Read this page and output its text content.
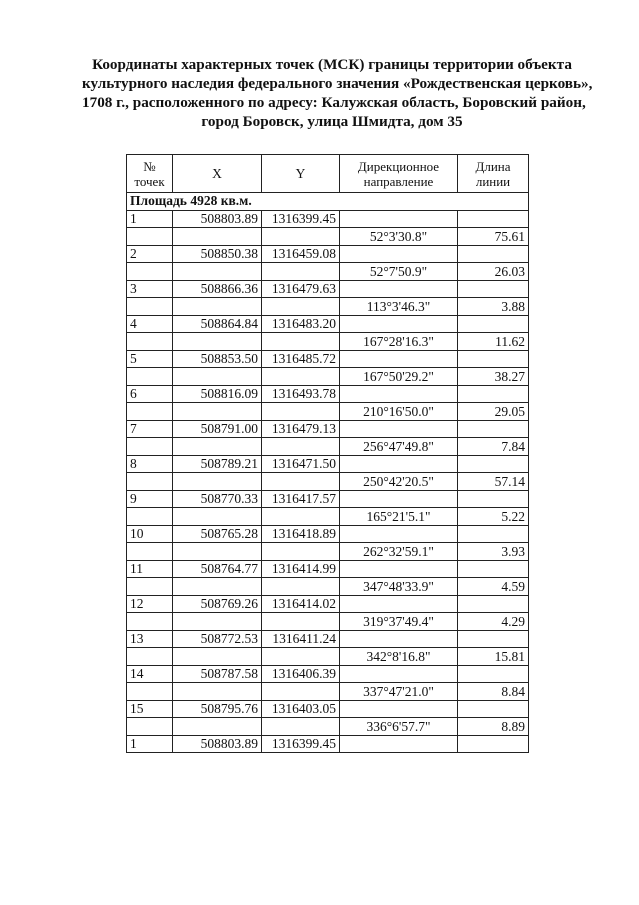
Координаты характерных точек (МСК) границы территории объекта
культурного наследия федерального значения «Рождественская церковь»,
1708 г., расположенного по адресу: Калужская область, Боровский район,
город Боровск, улица Шмидта, дом 35
№ точек	X	Y	Дирекционное направление	Длина линии
Площадь 4928 кв.м.				
1	508803.89	1316399.45		
			52°3'30.8"	75.61
2	508850.38	1316459.08		
			52°7'50.9"	26.03
3	508866.36	1316479.63		
			113°3'46.3"	3.88
4	508864.84	1316483.20		
			167°28'16.3"	11.62
5	508853.50	1316485.72		
			167°50'29.2"	38.27
6	508816.09	1316493.78		
			210°16'50.0"	29.05
7	508791.00	1316479.13		
			256°47'49.8"	7.84
8	508789.21	1316471.50		
			250°42'20.5"	57.14
9	508770.33	1316417.57		
			165°21'5.1"	5.22
10	508765.28	1316418.89		
			262°32'59.1"	3.93
11	508764.77	1316414.99		
			347°48'33.9"	4.59
12	508769.26	1316414.02		
			319°37'49.4"	4.29
13	508772.53	1316411.24		
			342°8'16.8"	15.81
14	508787.58	1316406.39		
			337°47'21.0"	8.84
15	508795.76	1316403.05		
			336°6'57.7"	8.89
1	508803.89	1316399.45		
